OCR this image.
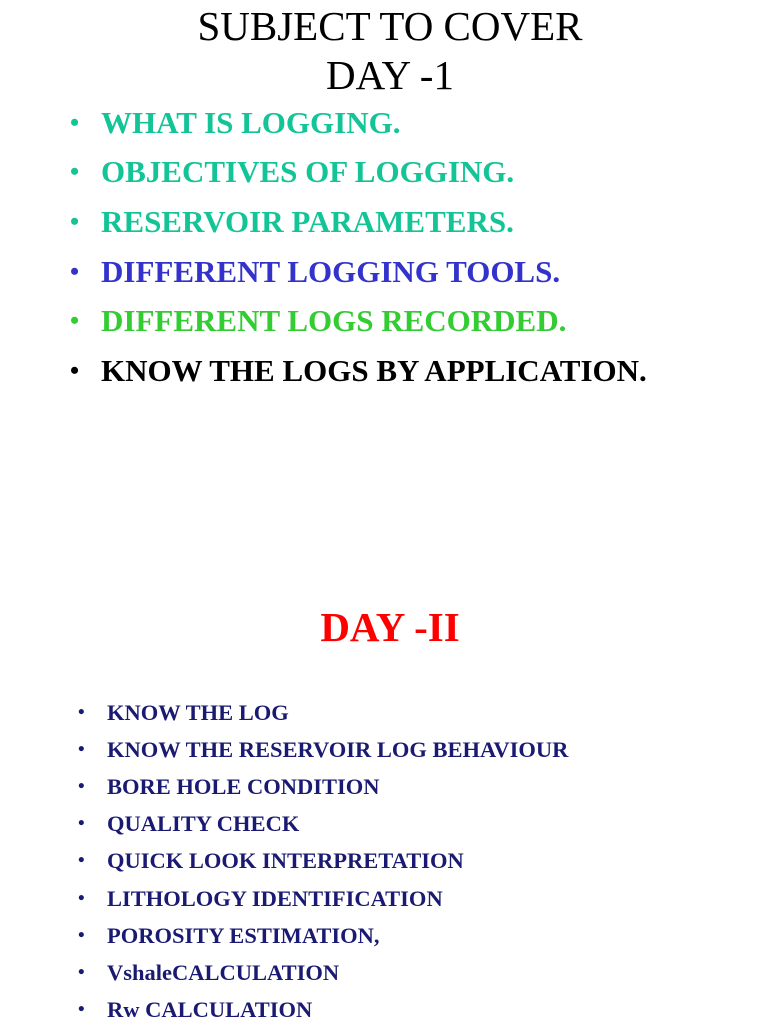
SUBJECT TO COVER
DAY -1
• WHAT IS LOGGING.
• OBJECTIVES OF LOGGING.
• RESERVOIR PARAMETERS.
• DIFFERENT LOGGING TOOLS.
• DIFFERENT LOGS RECORDED.
• KNOW THE LOGS BY APPLICATION.
DAY -II
• KNOW THE LOG
• KNOW THE RESERVOIR LOG BEHAVIOUR
• BORE HOLE CONDITION
• QUALITY CHECK
• QUICK LOOK INTERPRETATION
• LITHOLOGY IDENTIFICATION
• POROSITY ESTIMATION,
• VshaleCALCULATION
• Rw CALCULATION
